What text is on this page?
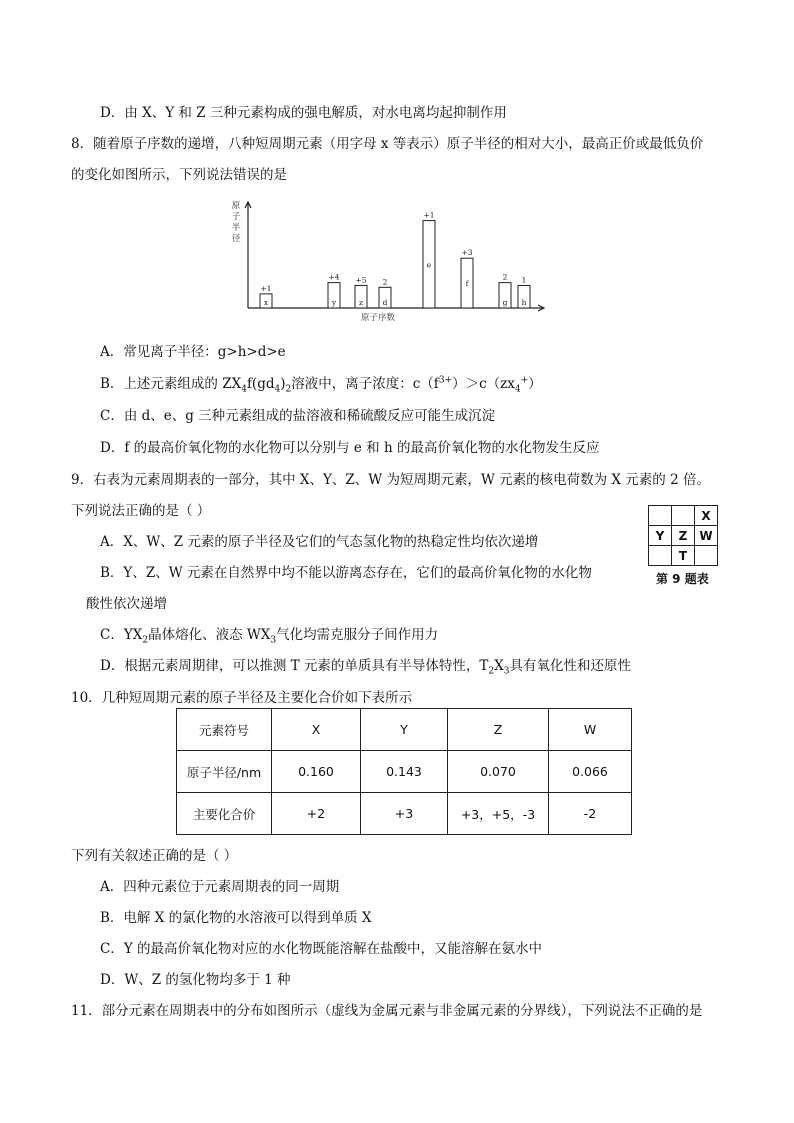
D．由 X、Y 和 Z 三种元素构成的强电解质，对水电离均起抑制作用
8．随着原子序数的递增，八种短周期元素（用字母 x 等表示）原子半径的相对大小，最高正价或最低负价
的变化如图所示，下列说法错误的是
原
子
半
径
原子序数
x
+1
y
+4
z
+5
d
2
e
+1
f
+3
g
2
h
1
A．常见离子半径：g>h>d>e
B．上述元素组成的 $ZX_4f(gd_4)_2$溶液中，离子浓度：$c(f^{3+})>c(zx_4^+)$
C．由 d、e、g 三种元素组成的盐溶液和稀硫酸反应可能生成沉淀
D．f 的最高价氧化物的水化物可以分别与 e 和 h 的最高价氧化物的水化物发生反应
9．右表为元素周期表的一部分，其中 X、Y、Z、W 为短周期元素，W 元素的核电荷数为 X 元素的 2 倍。
下列说法正确的是（ ）
A．X、W、Z 元素的原子半径及它们的气态氢化物的热稳定性均依次递增
B．Y、Z、W 元素在自然界中均不能以游离态存在，它们的最高价氧化物的水化物
酸性依次递增
C．$YX_2$晶体熔化、液态 $WX_3$气化均需克服分子间作用力
D．根据元素周期律，可以推测 T 元素的单质具有半导体特性，$T_2X_3$具有氧化性和还原性
		X
Y	Z	W
	T	
第 9 题表
10．几种短周期元素的原子半径及主要化合价如下表所示
元素符号	X	Y	Z	W
原子半径/nm	0.160	0.143	0.070	0.066
主要化合价	+2	+3	+3，+5，-3	-2
下列有关叙述正确的是（ ）
A．四种元素位于元素周期表的同一周期
B．电解 X 的氯化物的水溶液可以得到单质 X
C．Y 的最高价氧化物对应的水化物既能溶解在盐酸中，又能溶解在氨水中
D．W、Z 的氢化物均多于 1 种
11．部分元素在周期表中的分布如图所示（虚线为金属元素与非金属元素的分界线），下列说法不正确的是
